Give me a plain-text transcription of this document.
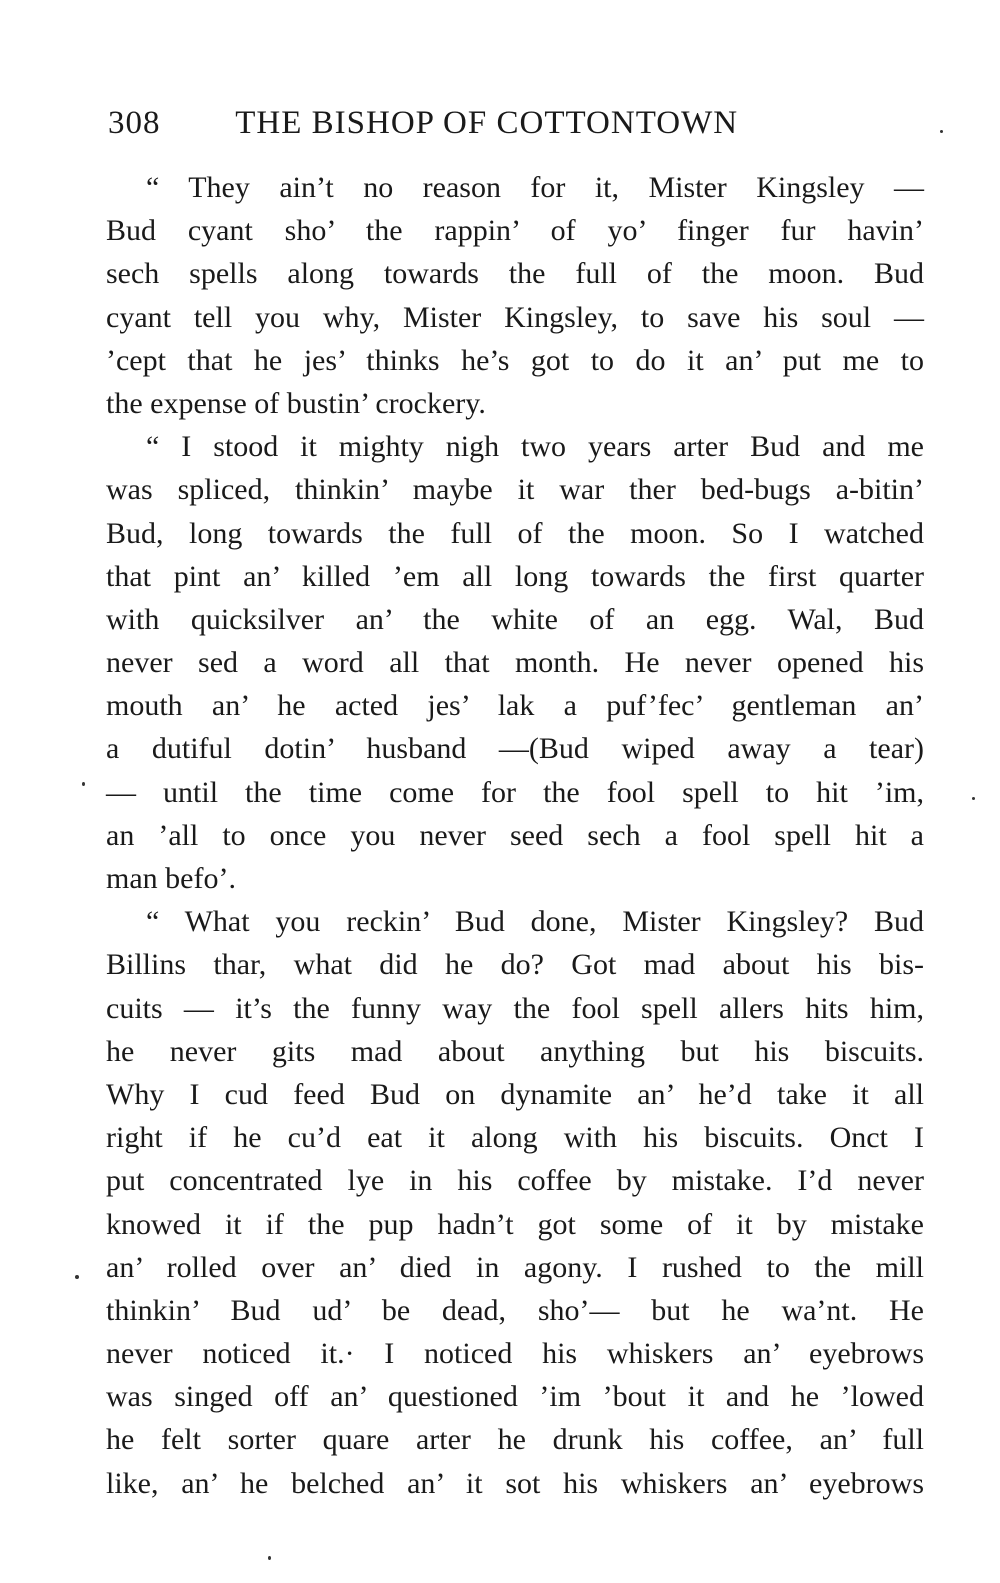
308 THE BISHOP OF COTTONTOWN
“ They ain’t no reason for it, Mister Kingsley —
Bud cyant sho’ the rappin’ of yo’ finger fur havin’
sech spells along towards the full of the moon. Bud
cyant tell you why, Mister Kingsley, to save his soul —
’cept that he jes’ thinks he’s got to do it an’ put me to
the expense of bustin’ crockery.
“ I stood it mighty nigh two years arter Bud and me
was spliced, thinkin’ maybe it war ther bed-bugs a-bitin’
Bud, long towards the full of the moon. So I watched
that pint an’ killed ’em all long towards the first quarter
with quicksilver an’ the white of an egg. Wal, Bud
never sed a word all that month. He never opened his
mouth an’ he acted jes’ lak a puf’fec’ gentleman an’
a dutiful dotin’ husband —(Bud wiped away a tear)
— until the time come for the fool spell to hit ’im,
an ’all to once you never seed sech a fool spell hit a
man befo’.
“ What you reckin’ Bud done, Mister Kingsley? Bud
Billins thar, what did he do? Got mad about his bis-
cuits — it’s the funny way the fool spell allers hits him,
he never gits mad about anything but his biscuits.
Why I cud feed Bud on dynamite an’ he’d take it all
right if he cu’d eat it along with his biscuits. Onct I
put concentrated lye in his coffee by mistake. I’d never
knowed it if the pup hadn’t got some of it by mistake
an’ rolled over an’ died in agony. I rushed to the mill
thinkin’ Bud ud’ be dead, sho’— but he wa’nt. He
never noticed it.· I noticed his whiskers an’ eyebrows
was singed off an’ questioned ’im ’bout it and he ’lowed
he felt sorter quare arter he drunk his coffee, an’ full
like, an’ he belched an’ it sot his whiskers an’ eyebrows
